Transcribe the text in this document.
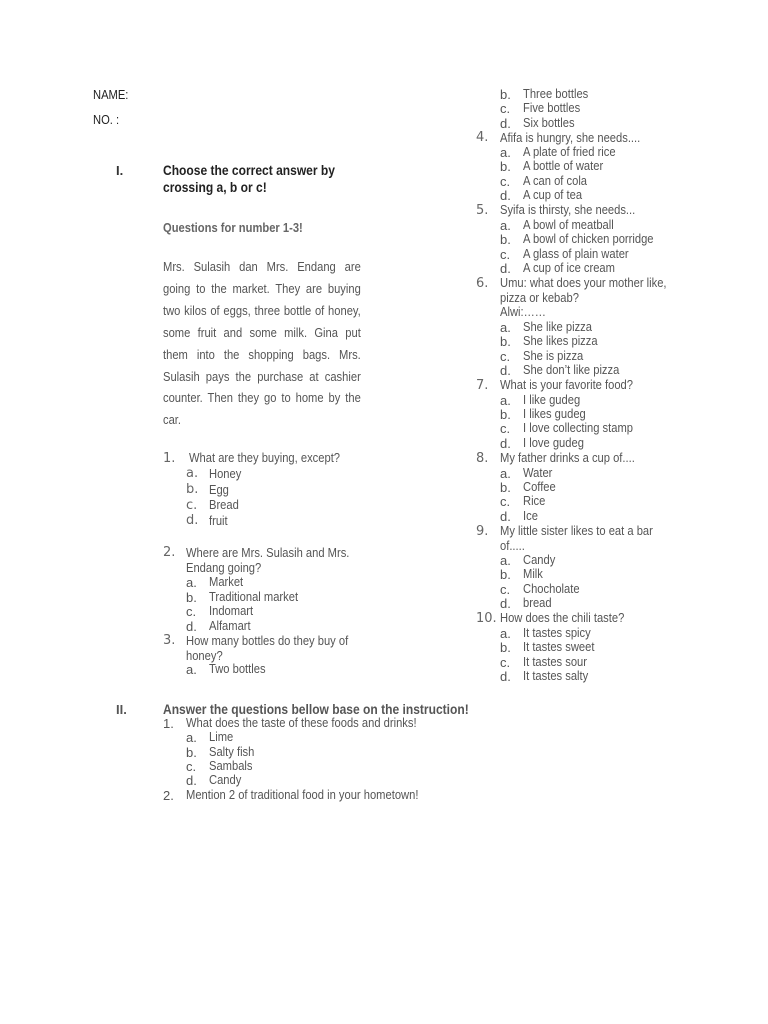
NAME:
NO. :
I.	Choose the correct answer by
crossing a, b or c!
Questions for number 1-3!
Mrs. Sulasih dan Mrs. Endang are going to the market. They are buying two kilos of eggs, three bottle of honey, some fruit and some milk. Gina put them into the shopping bags. Mrs. Sulasih pays the purchase at cashier counter. Then they go to home by the car.
1. What are they buying, except?
a. Honey
b. Egg
c. Bread
d. fruit
2. Where are Mrs. Sulasih and Mrs.
Endang going?
a. Market
b. Traditional market
c. Indomart
d. Alfamart
3. How many bottles do they buy of
honey?
a. Two bottles
b. Three bottles
c. Five bottles
d. Six bottles
4. Afifa is hungry, she needs....
a. A plate of fried rice
b. A bottle of water
c. A can of cola
d. A cup of tea
5. Syifa is thirsty, she needs...
a. A bowl of meatball
b. A bowl of chicken porridge
c. A glass of plain water
d. A cup of ice cream
6. Umu: what does your mother like,
pizza or kebab?
Alwi:……
a. She like pizza
b. She likes pizza
c. She is pizza
d. She don’t like pizza
7. What is your favorite food?
a. I like gudeg
b. I likes gudeg
c. I love collecting stamp
d. I love gudeg
8. My father drinks a cup of....
a. Water
b. Coffee
c. Rice
d. Ice
9. My little sister likes to eat a bar
of.....
a. Candy
b. Milk
c. Chocholate
d. bread
10. How does the chili taste?
a. It tastes spicy
b. It tastes sweet
c. It tastes sour
d. It tastes salty
II.	Answer the questions bellow base on the instruction!
1. What does the taste of these foods and drinks!
a. Lime
b. Salty fish
c. Sambals
d. Candy
2. Mention 2 of traditional food in your hometown!
